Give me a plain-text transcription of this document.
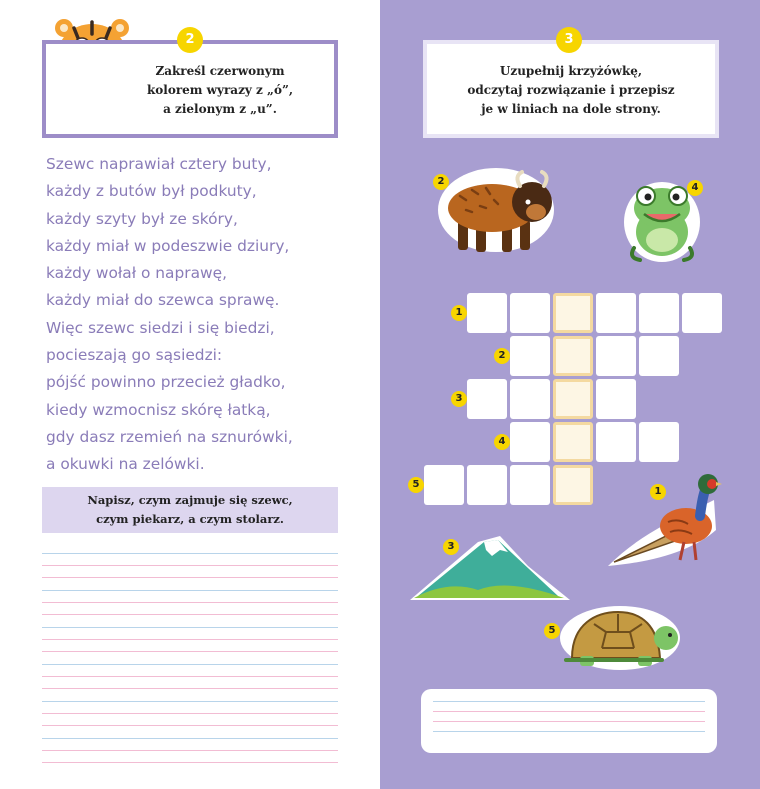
Zakreśl czerwonym
kolorem wyrazy z „ó”,
a zielonym z „u”.
2
Szewc naprawiał cztery buty,
każdy z butów był podkuty,
każdy szyty był ze skóry,
każdy miał w podeszwie dziury,
każdy wołał o naprawę,
każdy miał do szewca sprawę.
Więc szewc siedzi i się biedzi,
pocieszają go sąsiedzi:
pójść powinno przecież gładko,
kiedy wzmocnisz skórę łatką,
gdy dasz rzemień na sznurówki,
a okuwki na zelówki.
Napisz, czym zajmuje się szewc,
czym piekarz, a czym stolarz.
Uzupełnij krzyżówkę,
odczytaj rozwiązanie i przepisz
je w liniach na dole strony.
3
2
4
1
2
3
4
5
1
3
5
